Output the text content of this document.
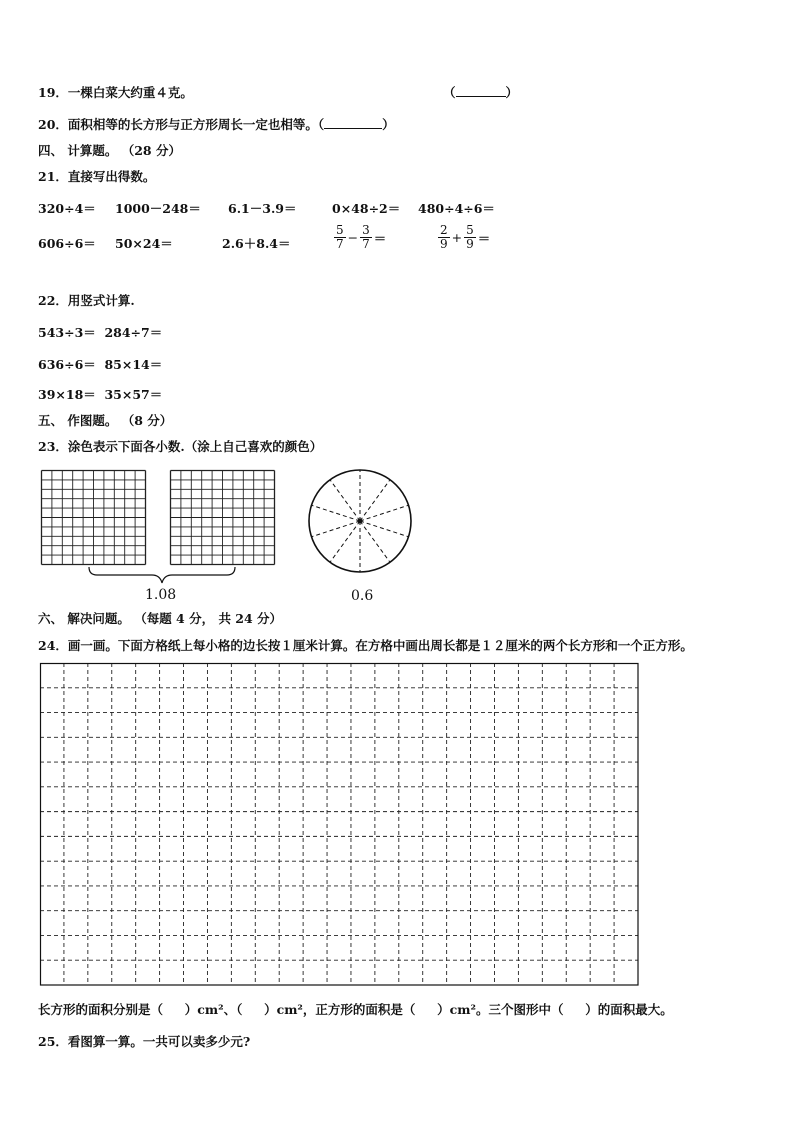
19．一棵白菜大约重４克。	（	）
20．面积相等的长方形与正方形周长一定也相等。（	）
四、 计算题。 （28 分）
21．直接写出得数。
320÷4＝ 1000－248＝ 6.1－3.9＝	0×48÷2＝ 480÷4÷6＝
606÷6＝ 50×24＝	2.6＋8.4＝	$\frac{5}{7} - \frac{3}{7}$ ＝	$\frac{2}{9} + \frac{5}{9}$ ＝
22．用竖式计算.
543÷3＝  284÷7＝
636÷6＝  85×14＝
39×18＝  35×57＝
五、 作图题。 （8 分）
23．涂色表示下面各小数.（涂上自己喜欢的颜色）
1.08	0.6
六、 解决问题。 （每题 4 分， 共 24 分）
24．画一画。下面方格纸上每小格的边长按１厘米计算。在方格中画出周长都是１２厘米的两个长方形和一个正方形。
长方形的面积分别是（     ）cm²、（     ）cm²，正方形的面积是（     ）cm²。三个图形中（     ）的面积最大。
25．看图算一算。一共可以卖多少元?
